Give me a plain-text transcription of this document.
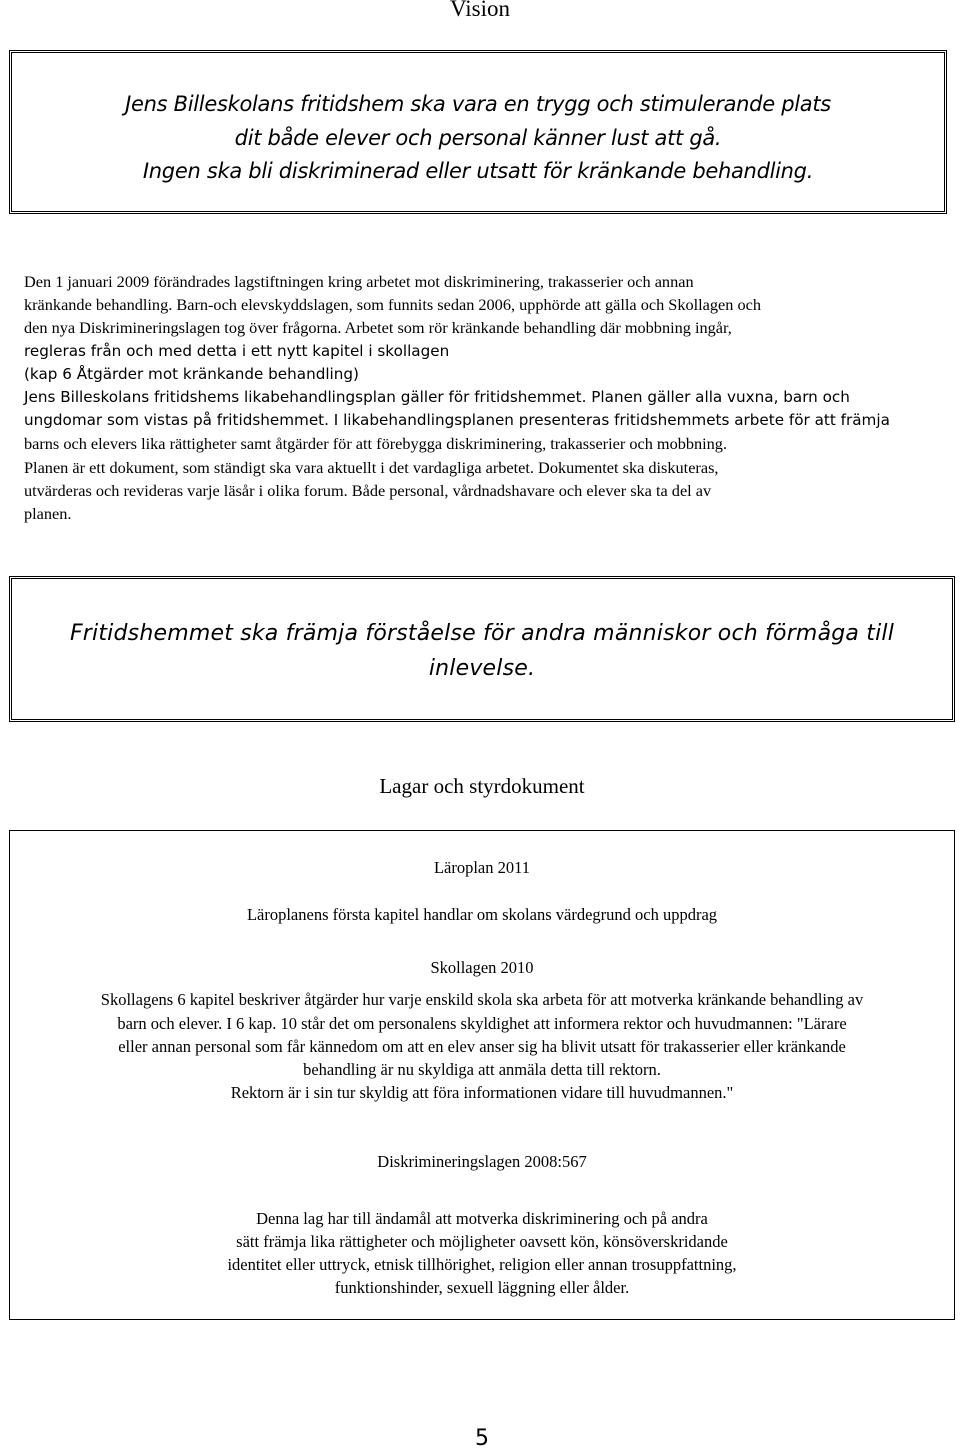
Vision
Jens Billeskolans fritidshem ska vara en trygg och stimulerande plats
dit både elever och personal känner lust att gå.
Ingen ska bli diskriminerad eller utsatt för kränkande behandling.
Den 1 januari 2009 förändrades lagstiftningen kring arbetet mot diskriminering, trakasserier och annan
kränkande behandling. Barn-och elevskyddslagen, som funnits sedan 2006, upphörde att gälla och Skollagen och
den nya Diskrimineringslagen tog över frågorna. Arbetet som rör kränkande behandling där mobbning ingår,
regleras från och med detta i ett nytt kapitel i skollagen
(kap 6 Åtgärder mot kränkande behandling)
Jens Billeskolans fritidshems likabehandlingsplan gäller för fritidshemmet. Planen gäller alla vuxna, barn och
ungdomar som vistas på fritidshemmet. I likabehandlingsplanen presenteras fritidshemmets arbete för att främja
barns och elevers lika rättigheter samt åtgärder för att förebygga diskriminering, trakasserier och mobbning.
Planen är ett dokument, som ständigt ska vara aktuellt i det vardagliga arbetet. Dokumentet ska diskuteras,
utvärderas och revideras varje läsår i olika forum. Både personal, vårdnadshavare och elever ska ta del av
planen.
Fritidshemmet ska främja förståelse för andra människor och förmåga till
inlevelse.
Lagar och styrdokument
Läroplan 2011
Läroplanens första kapitel handlar om skolans värdegrund och uppdrag
Skollagen 2010
Skollagens 6 kapitel beskriver åtgärder hur varje enskild skola ska arbeta för att motverka kränkande behandling av
barn och elever. I 6 kap. 10 står det om personalens skyldighet att informera rektor och huvudmannen: "Lärare
eller annan personal som får kännedom om att en elev anser sig ha blivit utsatt för trakasserier eller kränkande
behandling är nu skyldiga att anmäla detta till rektorn.
Rektorn är i sin tur skyldig att föra informationen vidare till huvudmannen."
Diskrimineringslagen 2008:567
Denna lag har till ändamål att motverka diskriminering och på andra
sätt främja lika rättigheter och möjligheter oavsett kön, könsöverskridande
identitet eller uttryck, etnisk tillhörighet, religion eller annan trosuppfattning,
funktionshinder, sexuell läggning eller ålder.
5
